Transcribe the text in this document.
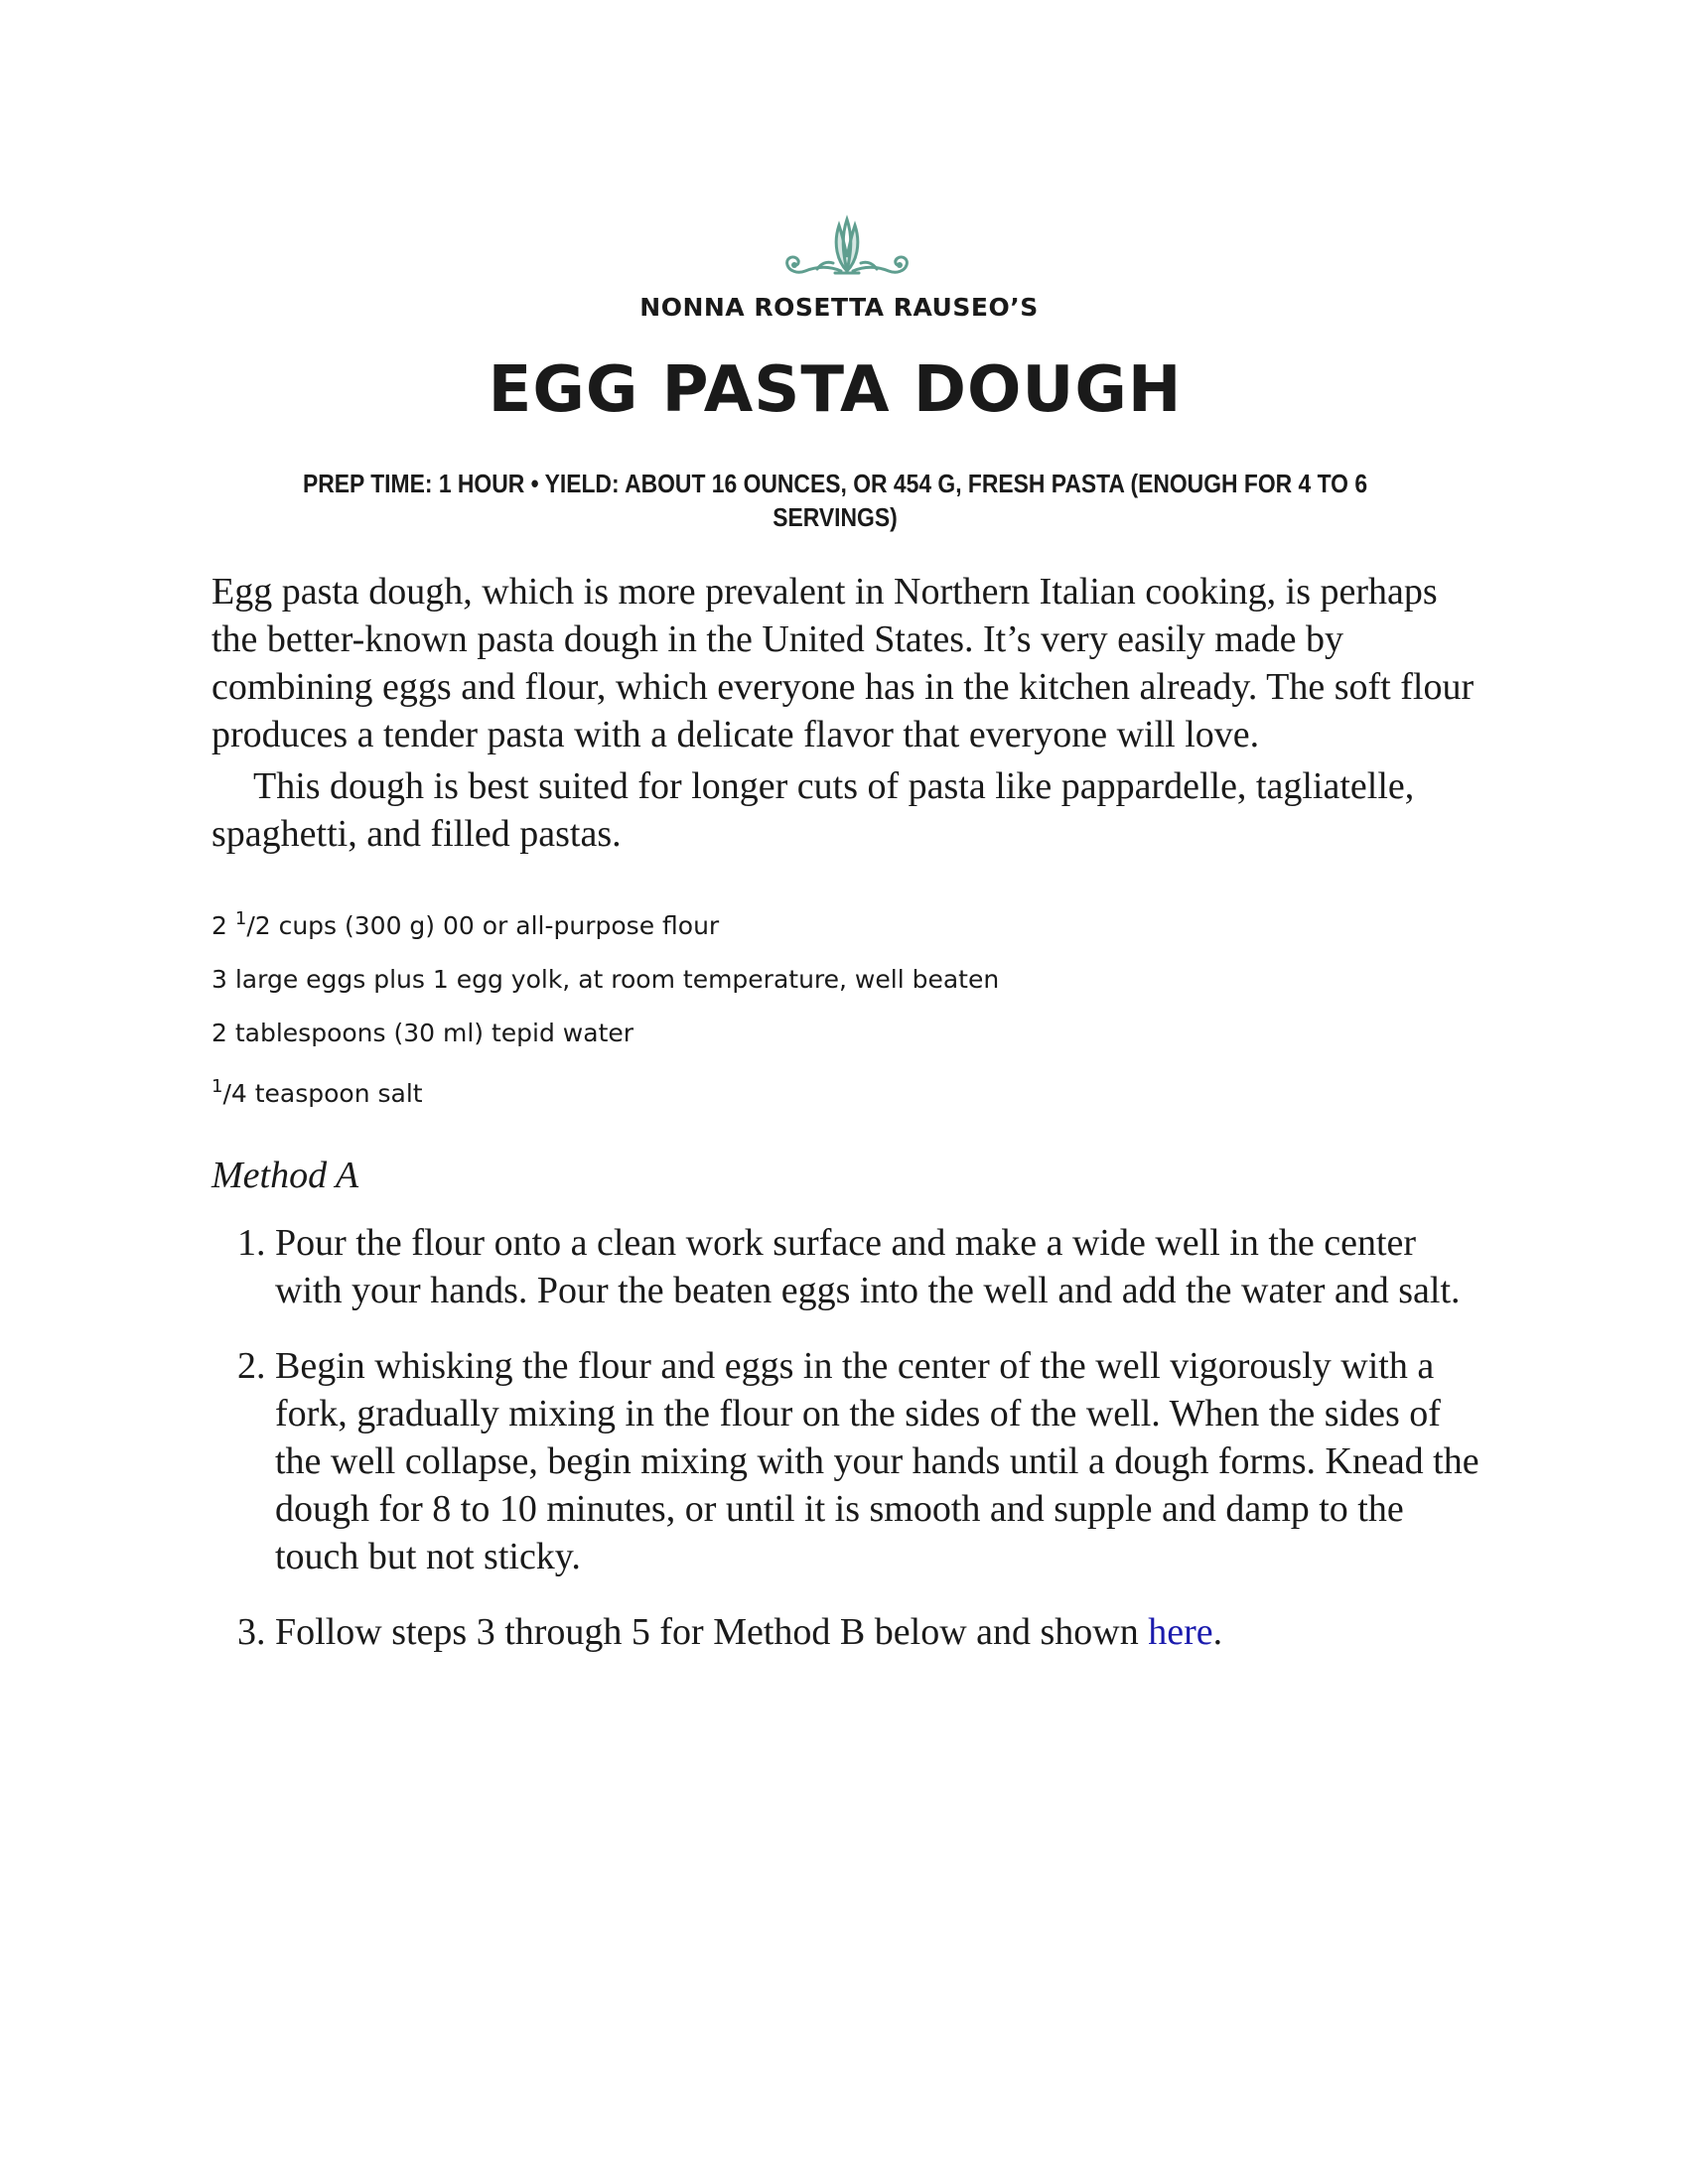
NONNA ROSETTA RAUSEO’S
EGG PASTA DOUGH
PREP TIME: 1 HOUR • YIELD: ABOUT 16 OUNCES, OR 454 G, FRESH PASTA (ENOUGH FOR 4 TO 6 SERVINGS)

Egg pasta dough, which is more prevalent in Northern Italian cooking, is perhaps the better-known pasta dough in the United States. It’s very easily made by combining eggs and flour, which everyone has in the kitchen already. The soft flour produces a tender pasta with a delicate flavor that everyone will love.

This dough is best suited for longer cuts of pasta like pappardelle, tagliatelle, spaghetti, and filled pastas.

2 $^1$/2 cups (300 g) 00 or all-purpose flour
3 large eggs plus 1 egg yolk, at room temperature, well beaten
2 tablespoons (30 ml) tepid water
$^1$/4 teaspoon salt
Method A
1. Pour the flour onto a clean work surface and make a wide well in the center with your hands. Pour the beaten eggs into the well and add the water and salt.
2. Begin whisking the flour and eggs in the center of the well vigorously with a fork, gradually mixing in the flour on the sides of the well. When the sides of the well collapse, begin mixing with your hands until a dough forms. Knead the dough for 8 to 10 minutes, or until it is smooth and supple and damp to the touch but not sticky.
3. Follow steps 3 through 5 for Method B below and shown here.
